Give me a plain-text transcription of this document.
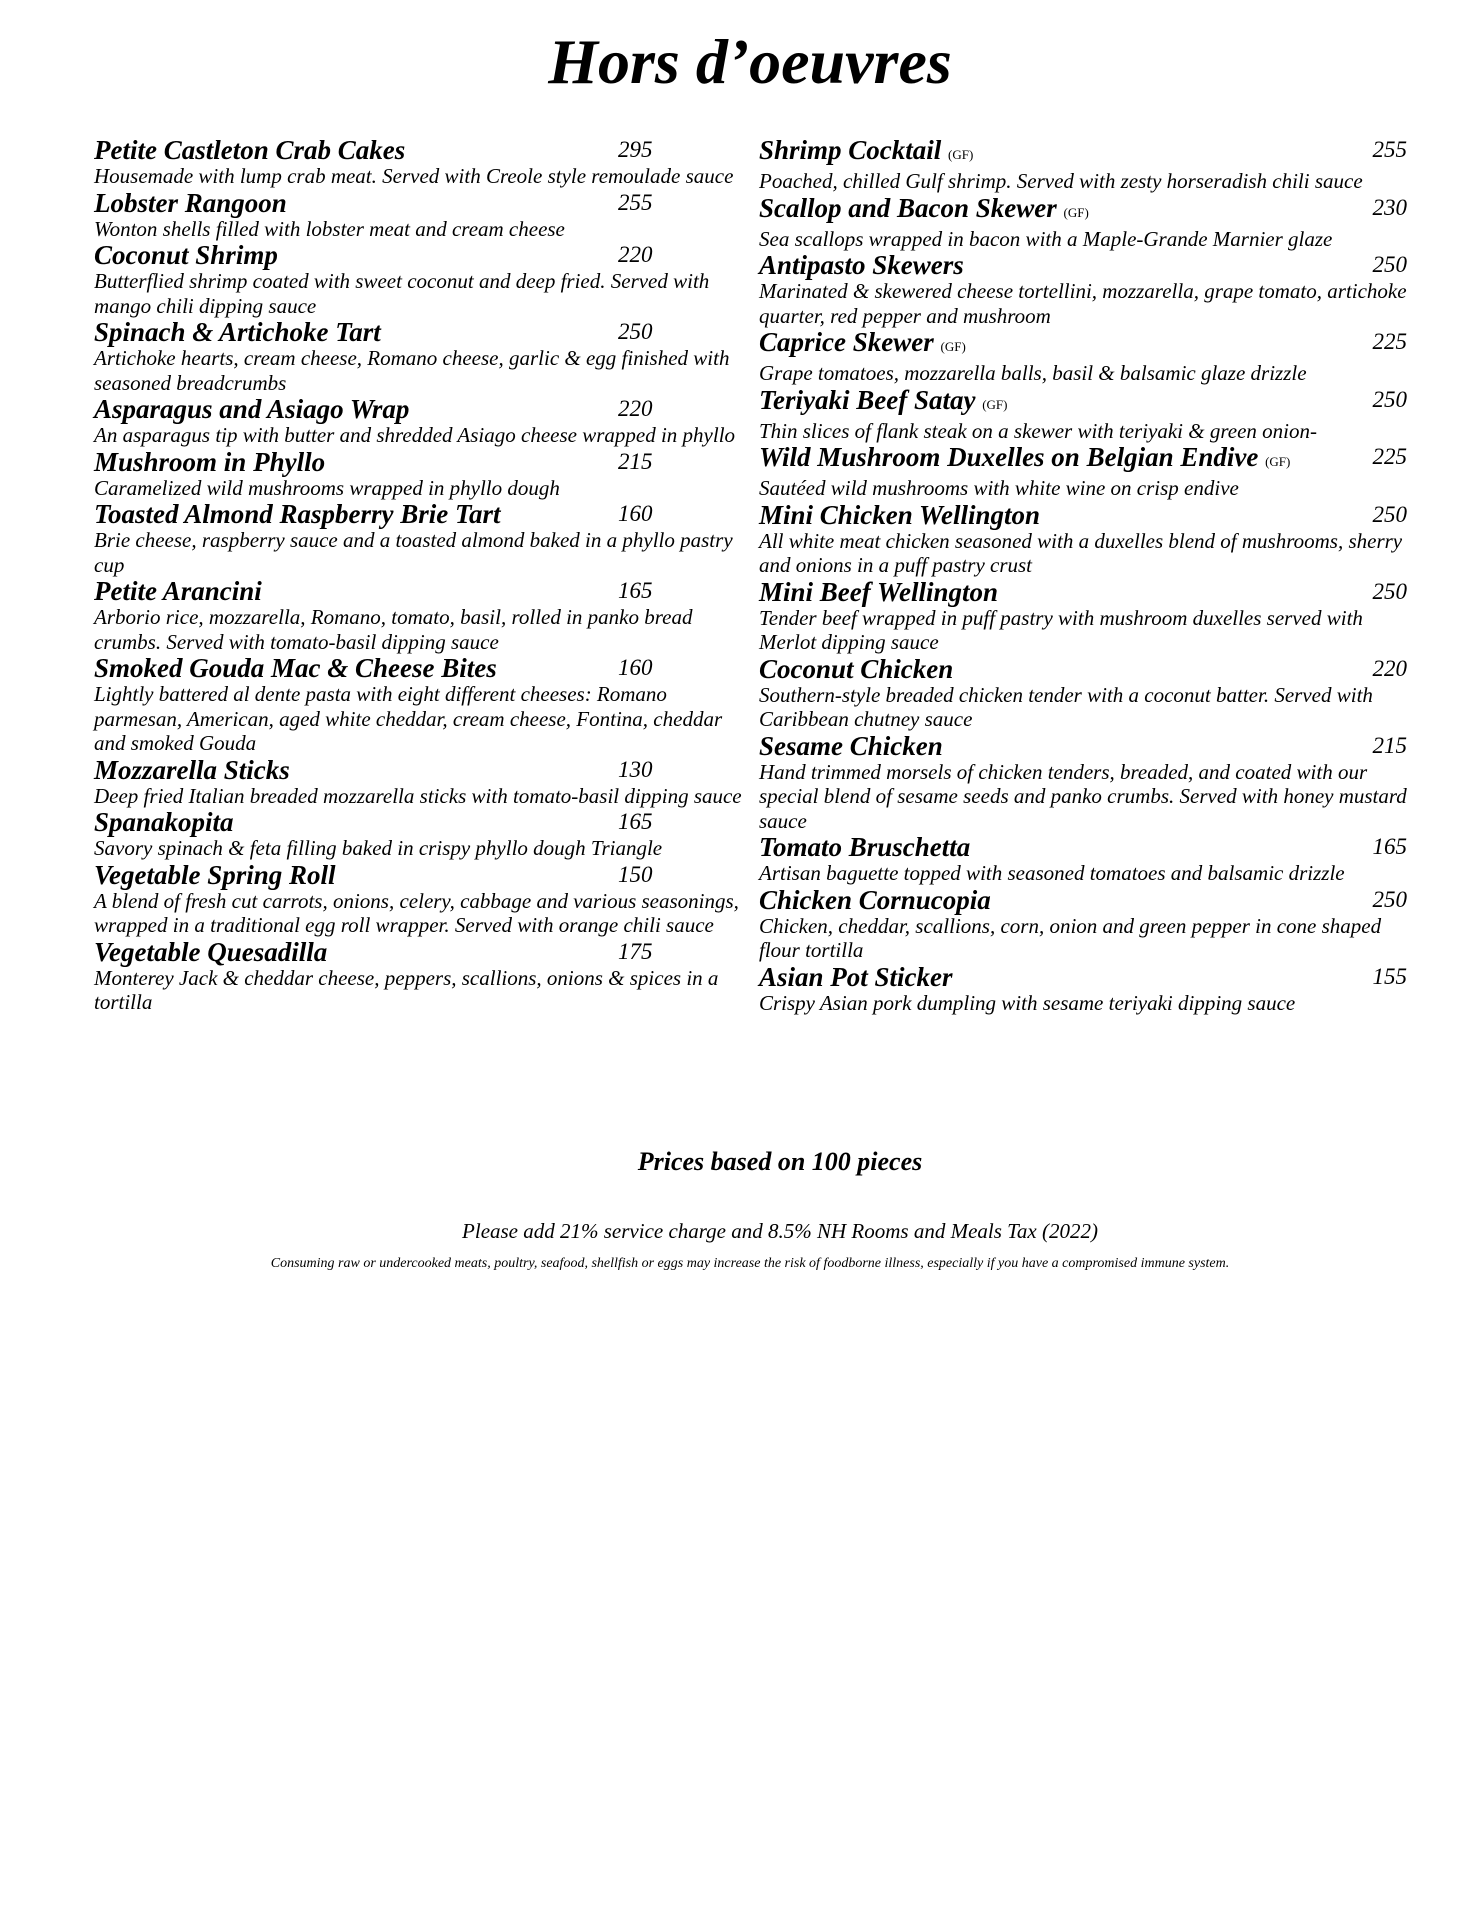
Hors d’oeuvres
Petite Castleton Crab Cakes	295
Housemade with lump crab meat. Served with Creole style remoulade sauce
Lobster Rangoon	255
Wonton shells filled with lobster meat and cream cheese
Coconut Shrimp	220
Butterflied shrimp coated with sweet coconut and deep fried. Served with mango chili dipping sauce
Spinach & Artichoke Tart	250
Artichoke hearts, cream cheese, Romano cheese, garlic & egg finished with seasoned breadcrumbs
Asparagus and Asiago Wrap	220
An asparagus tip with butter and shredded Asiago cheese wrapped in phyllo
Mushroom in Phyllo	215
Caramelized wild mushrooms wrapped in phyllo dough
Toasted Almond Raspberry Brie Tart	160
Brie cheese, raspberry sauce and a toasted almond baked in a phyllo pastry cup
Petite Arancini	165
Arborio rice, mozzarella, Romano, tomato, basil, rolled in panko bread crumbs. Served with tomato-basil dipping sauce
Smoked Gouda Mac & Cheese Bites	160
Lightly battered al dente pasta with eight different cheeses: Romano parmesan, American, aged white cheddar, cream cheese, Fontina, cheddar and smoked Gouda
Mozzarella Sticks	130
Deep fried Italian breaded mozzarella sticks with tomato-basil dipping sauce
Spanakopita	165
Savory spinach & feta filling baked in crispy phyllo dough Triangle
Vegetable Spring Roll	150
A blend of fresh cut carrots, onions, celery, cabbage and various seasonings, wrapped in a traditional egg roll wrapper. Served with orange chili sauce
Vegetable Quesadilla	175
Monterey Jack & cheddar cheese, peppers, scallions, onions & spices in a tortilla
Shrimp Cocktail (GF)	255
Poached, chilled Gulf shrimp. Served with zesty horseradish chili sauce
Scallop and Bacon Skewer (GF)	230
Sea scallops wrapped in bacon with a Maple-Grande Marnier glaze
Antipasto Skewers	250
Marinated & skewered cheese tortellini, mozzarella, grape tomato, artichoke quarter, red pepper and mushroom
Caprice Skewer (GF)	225
Grape tomatoes, mozzarella balls, basil & balsamic glaze drizzle
Teriyaki Beef Satay (GF)	250
Thin slices of flank steak on a skewer with teriyaki & green onion-
Wild Mushroom Duxelles on Belgian Endive (GF)	225
Sautéed wild mushrooms with white wine on crisp endive
Mini Chicken Wellington	250
All white meat chicken seasoned with a duxelles blend of mushrooms, sherry and onions in a puff pastry crust
Mini Beef Wellington	250
Tender beef wrapped in puff pastry with mushroom duxelles served with Merlot dipping sauce
Coconut Chicken	220
Southern-style breaded chicken tender with a coconut batter. Served with Caribbean chutney sauce
Sesame Chicken	215
Hand trimmed morsels of chicken tenders, breaded, and coated with our special blend of sesame seeds and panko crumbs. Served with honey mustard sauce
Tomato Bruschetta	165
Artisan baguette topped with seasoned tomatoes and balsamic drizzle
Chicken Cornucopia	250
Chicken, cheddar, scallions, corn, onion and green pepper in cone shaped flour tortilla
Asian Pot Sticker	155
Crispy Asian pork dumpling with sesame teriyaki dipping sauce
Prices based on 100 pieces
Please add 21% service charge and 8.5% NH Rooms and Meals Tax (2022)
Consuming raw or undercooked meats, poultry, seafood, shellfish or eggs may increase the risk of foodborne illness, especially if you have a compromised immune system.
